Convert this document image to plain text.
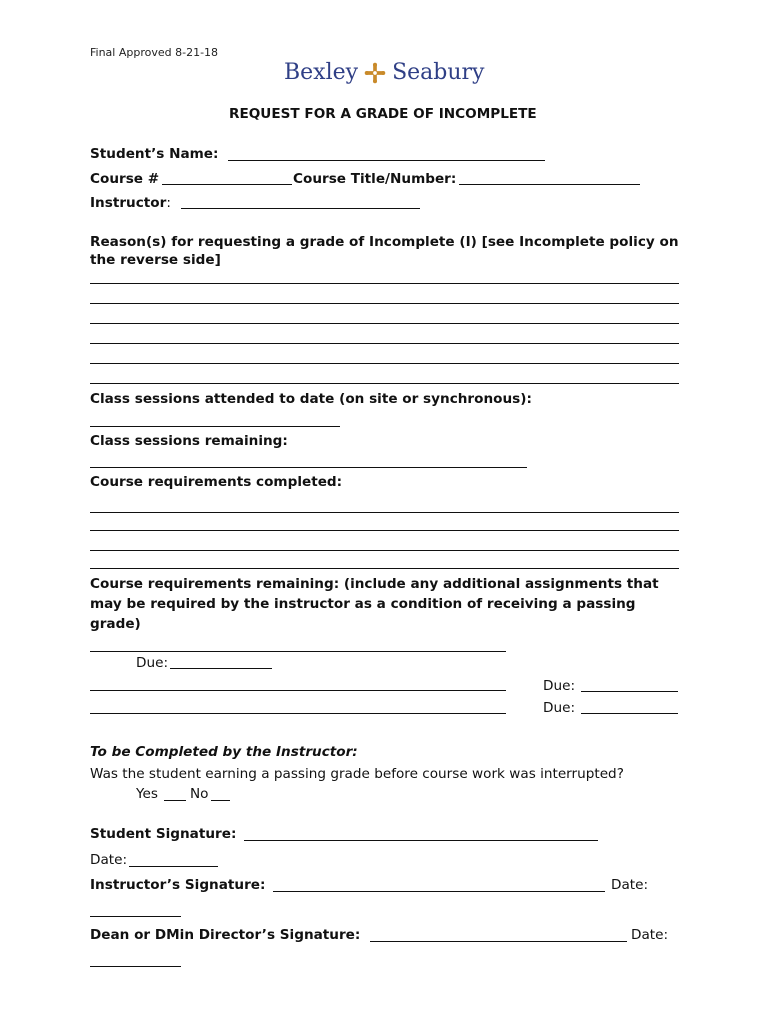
Final Approved 8-21-18
Bexley Seabury
REQUEST FOR A GRADE OF INCOMPLETE
Student’s Name:
Course #	Course Title/Number:
Instructor:
Reason(s) for requesting a grade of Incomplete (I) [see Incomplete policy on the reverse side]
Class sessions attended to date (on site or synchronous):
Class sessions remaining:
Course requirements completed:
Course requirements remaining: (include any additional assignments that may be required by the instructor as a condition of receiving a passing grade)
Due:
Due:
Due:
To be Completed by the Instructor:
Was the student earning a passing grade before course work was interrupted?
Yes No
Student Signature:
Date:
Instructor’s Signature:	Date:
Dean or DMin Director’s Signature:	Date:
